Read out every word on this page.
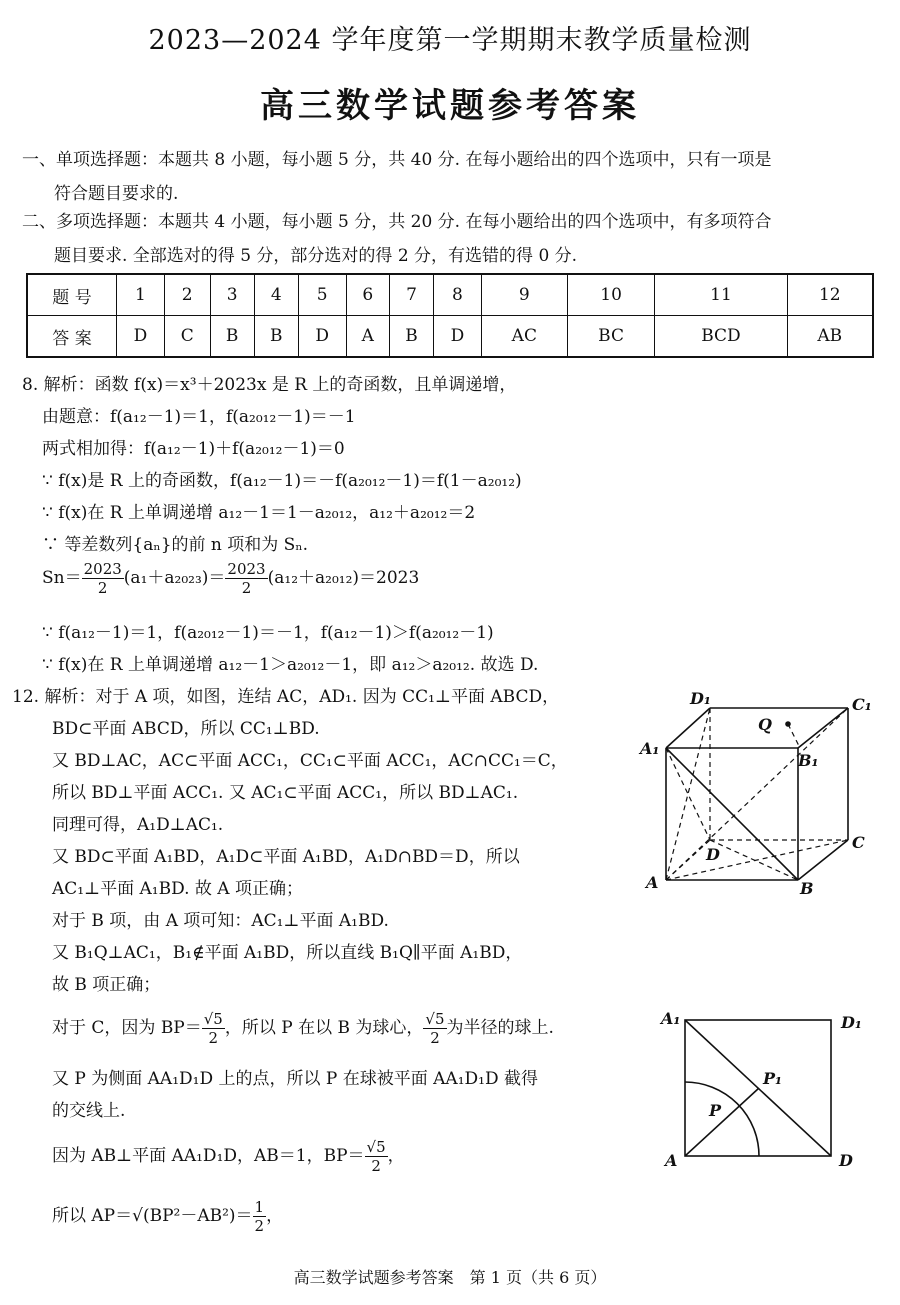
2023—2024 学年度第一学期期末教学质量检测
高三数学试题参考答案
一、单项选择题：本题共 8 小题，每小题 5 分，共 40 分. 在每小题给出的四个选项中，只有一项是
符合题目要求的.
二、多项选择题：本题共 4 小题，每小题 5 分，共 20 分. 在每小题给出的四个选项中，有多项符合
题目要求. 全部选对的得 5 分，部分选对的得 2 分，有选错的得 0 分.
题 号	1	2	3	4	5	6	7	8	9	10	11	12
答 案	D	C	B	B	D	A	B	D	AC	BC	BCD	AB
8. 解析：函数 f(x)＝x³＋2023x 是 R 上的奇函数，且单调递增，
由题意：f(a₁₂－1)＝1，f(a₂₀₁₂－1)＝－1
两式相加得：f(a₁₂－1)＋f(a₂₀₁₂－1)＝0
∵ f(x)是 R 上的奇函数，f(a₁₂－1)＝－f(a₂₀₁₂－1)＝f(1－a₂₀₁₂)
∵ f(x)在 R 上单调递增 a₁₂－1＝1－a₂₀₁₂，a₁₂＋a₂₀₁₂＝2
∵ 等差数列{aₙ}的前 n 项和为 Sₙ.
$Sn= \frac{2023}{2} (a_1+a_{2023})= \frac{2023}{2} (a_{12}+a_{2012})=2023$
∵ f(a₁₂－1)＝1，f(a₂₀₁₂－1)＝－1，f(a₁₂－1)＞f(a₂₀₁₂－1)
∵ f(x)在 R 上单调递增 a₁₂－1＞a₂₀₁₂－1，即 a₁₂＞a₂₀₁₂. 故选 D.
12. 解析：对于 A 项，如图，连结 AC，AD₁. 因为 CC₁⊥平面 ABCD，
BD⊂平面 ABCD，所以 CC₁⊥BD.
又 BD⊥AC，AC⊂平面 ACC₁，CC₁⊂平面 ACC₁，AC∩CC₁＝C，
所以 BD⊥平面 ACC₁. 又 AC₁⊂平面 ACC₁，所以 BD⊥AC₁.
同理可得，A₁D⊥AC₁.
又 BD⊂平面 A₁BD，A₁D⊂平面 A₁BD，A₁D∩BD＝D，所以
AC₁⊥平面 A₁BD. 故 A 项正确；
对于 B 项，由 A 项可知：AC₁⊥平面 A₁BD.
又 B₁Q⊥AC₁，B₁∉平面 A₁BD，所以直线 B₁Q∥平面 A₁BD，
故 B 项正确；
对于 C，因为 $BP= \frac{√5}{2}$ ，所以 P 在以 B 为球心， $\frac{√5}{2}$ 为半径的球上.
又 P 为侧面 AA₁D₁D 上的点，所以 P 在球被平面 AA₁D₁D 截得
的交线上.
因为 AB⊥平面 AA₁D₁D，AB＝1，$BP= \frac{√5}{2}$ ，
所以 $AP=√(BP^2-AB^2)= \frac{1}{2}$ ，
D₁	C₁
A₁
B₁
Q
C
D
A	B
A₁	D₁
P₁
P
A	D
高三数学试题参考答案　第 1 页（共 6 页）
